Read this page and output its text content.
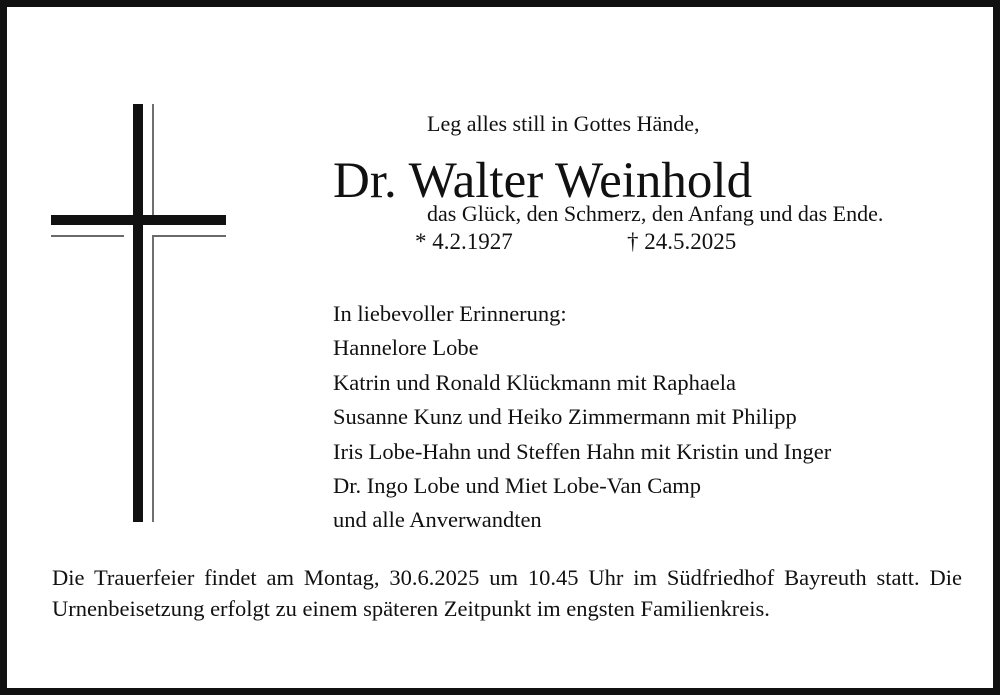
Leg alles still in Gottes Hände,

das Glück, den Schmerz, den Anfang und das Ende.

Dr. Walter Weinhold
* 4.2.1927	† 24.5.2025
In liebevoller Erinnerung:
Hannelore Lobe
Katrin und Ronald Klückmann mit Raphaela
Susanne Kunz und Heiko Zimmermann mit Philipp
Iris Lobe-Hahn und Steffen Hahn mit Kristin und Inger
Dr. Ingo Lobe und Miet Lobe-Van Camp
und alle Anverwandten
Die Trauerfeier findet am Montag, 30.6.2025 um 10.45 Uhr im Südfriedhof Bayreuth statt. Die Urnenbeisetzung erfolgt zu einem späteren Zeitpunkt im engsten Familienkreis.
